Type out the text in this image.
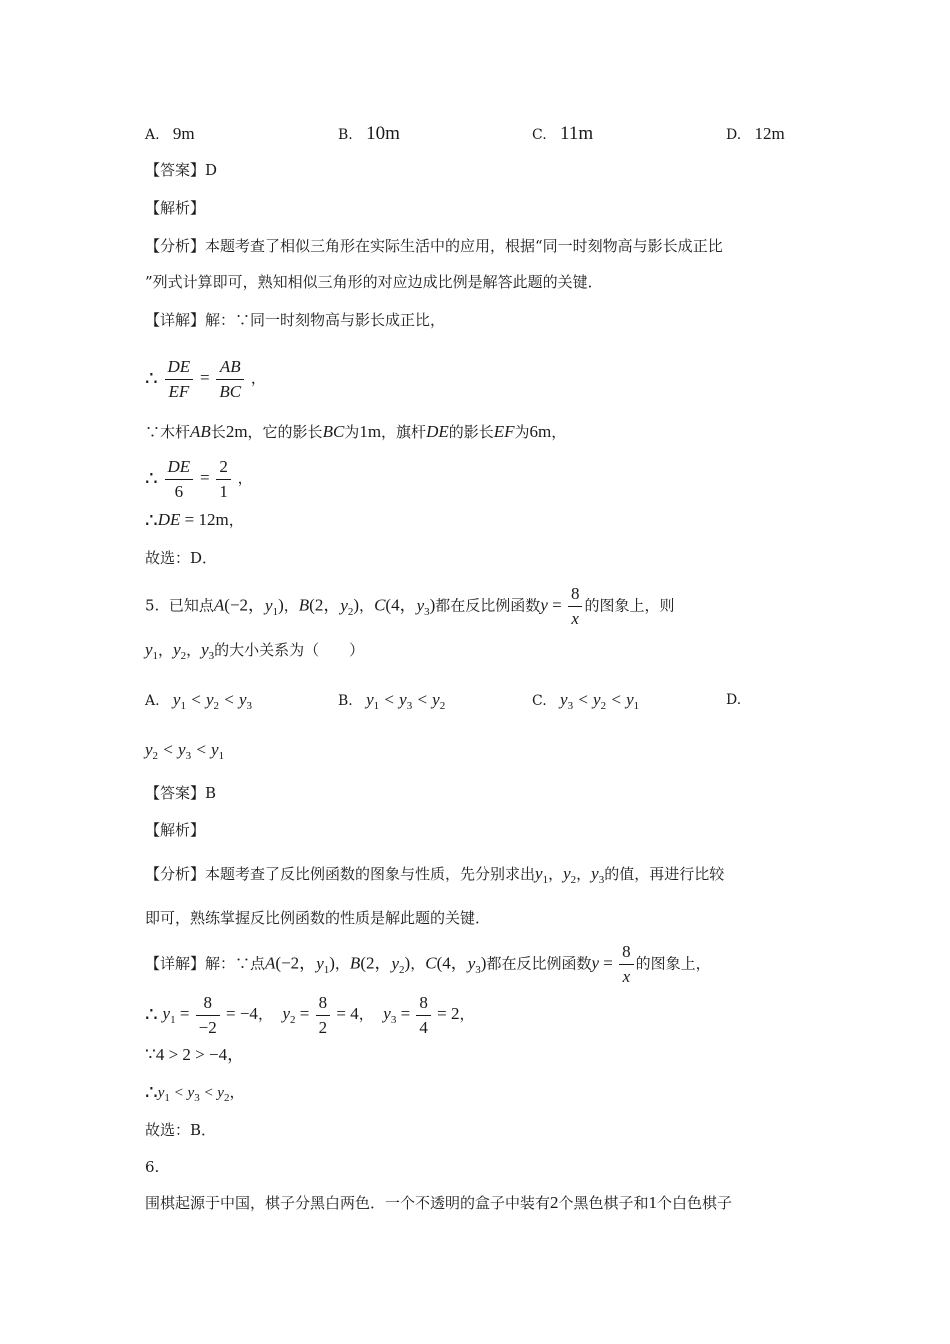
A. 9m	B. 10m	C. 11m	D. 12m
【答案】D
【解析】
【分析】本题考查了相似三角形在实际生活中的应用，根据“同一时刻物高与影长成正比
”列式计算即可，熟知相似三角形的对应边成比例是解答此题的关键．
【详解】解：∵同一时刻物高与影长成正比，
∴ $\frac{DE}{EF} = \frac{AB}{BC}$ ，
∵木杆AB长2m，它的影长BC为1m，旗杆DE的影长EF为6m，
∴ $\frac{DE}{6} = \frac{2}{1}$ ，
∴DE = 12m，
故选：D．
5. 已知点A(−2，$y_1$)，B(2，$y_2$)，C(4，$y_3$)都在反比例函数$y = \frac{8}{x}$ 的图象上，则
$y_1$，$y_2$，$y_3$的大小关系为（　　）
A. $y_1 < y_2 < y_3$	B. $y_1 < y_3 < y_2$	C. $y_3 < y_2 < y_1$	D.
$y_2 < y_3 < y_1$
【答案】B
【解析】
【分析】本题考查了反比例函数的图象与性质，先分别求出$y_1$，$y_2$，$y_3$的值，再进行比较
即可，熟练掌握反比例函数的性质是解此题的关键．
【详解】解：∵点A(−2，$y_1$)，B(2，$y_2$)，C(4，$y_3$)都在反比例函数$y = \frac{8}{x}$ 的图象上，
∴ $y_1 = \frac{8}{-2} = -4$，  $y_2 = \frac{8}{2} = 4$，  $y_3 = \frac{8}{4} = 2$，
∵4 > 2 > −4，
$\therefore y_1 < y_3 < y_2$，
故选：B．
6.
围棋起源于中国，棋子分黑白两色．一个不透明的盒子中装有2个黑色棋子和1个白色棋子
